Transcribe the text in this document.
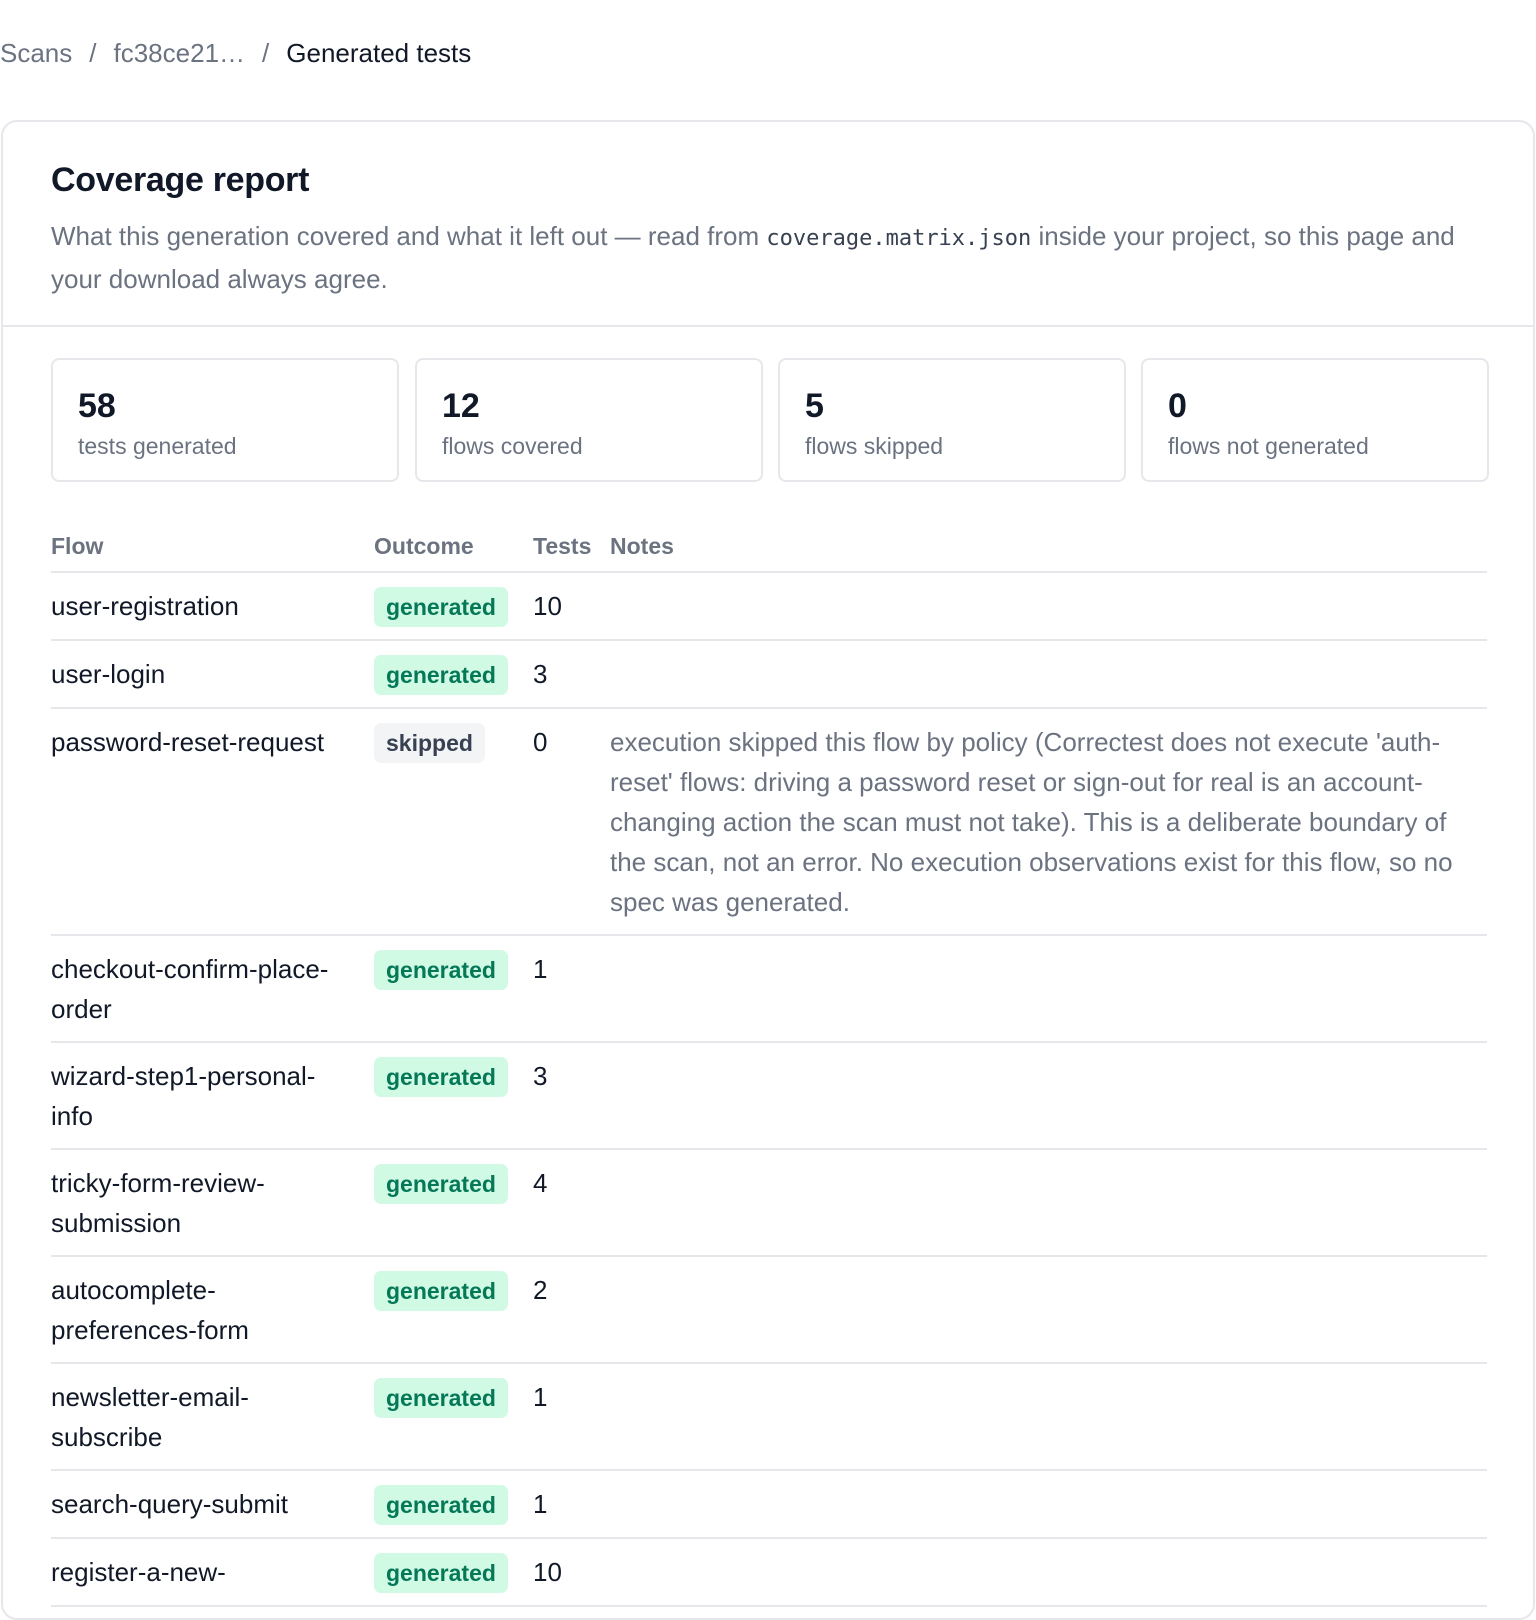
Scans / fc38ce21… / Generated tests
Coverage report

What this generation covered and what it left out — read from coverage.matrix.json inside your project, so this page and your download always agree.

58
tests generated
12
flows covered
5
flows skipped
0
flows not generated
Flow	Outcome	Tests	Notes
user-registration	generated	10	
user-login	generated	3	
password-reset-request	skipped	0	execution skipped this flow by policy (Correctest does not execute 'auth-reset' flows: driving a password reset or sign-out for real is an account-changing action the scan must not take). This is a deliberate boundary of the scan, not an error. No execution observations exist for this flow, so no spec was generated.
checkout-confirm-place-order	generated	1	
wizard-step1-personal-info	generated	3	
tricky-form-review-submission	generated	4	
autocomplete-preferences-form	generated	2	
newsletter-email-subscribe	generated	1	
search-query-submit	generated	1	
register-a-new-	generated	10	
